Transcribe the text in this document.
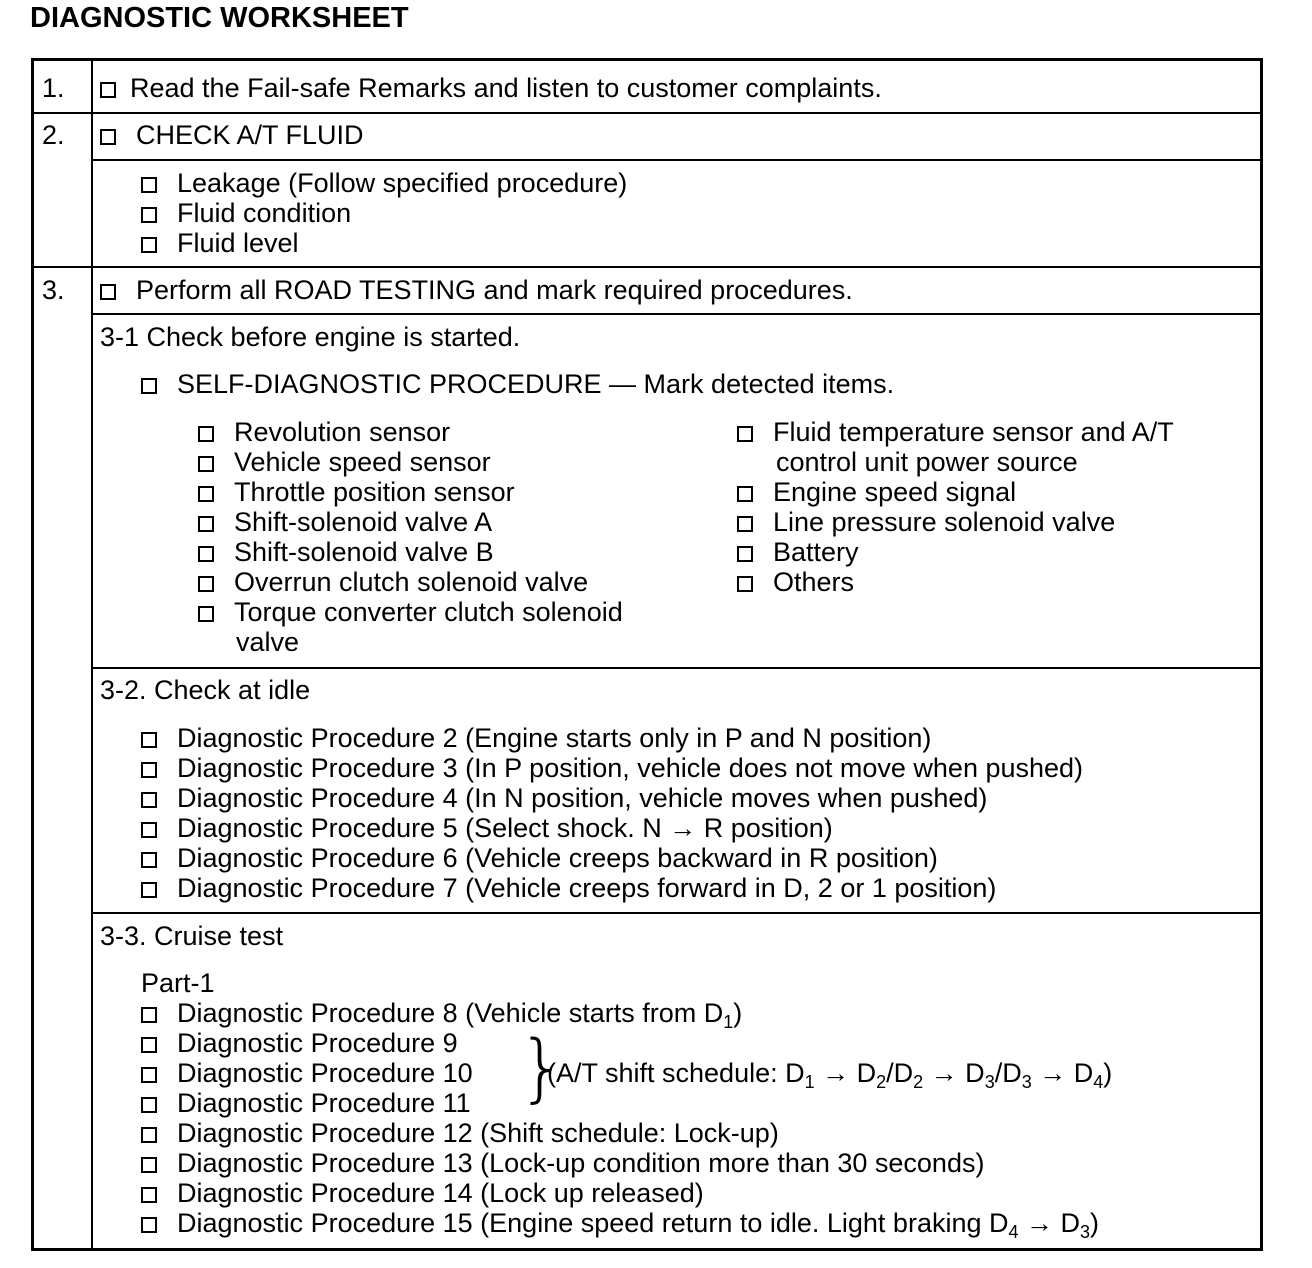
DIAGNOSTIC WORKSHEET
1.	Read the Fail-safe Remarks and listen to customer complaints.
2.	CHECK A/T FLUID
Leakage (Follow specified procedure)
Fluid condition
Fluid level
3.	Perform all ROAD TESTING and mark required procedures.
3-1 Check before engine is started.
SELF-DIAGNOSTIC PROCEDURE — Mark detected items.
Revolution sensor
Vehicle speed sensor
Throttle position sensor
Shift-solenoid valve A
Shift-solenoid valve B
Overrun clutch solenoid valve
Torque converter clutch solenoid
valve
Fluid temperature sensor and A/T
control unit power source
Engine speed signal
Line pressure solenoid valve
Battery
Others
3-2. Check at idle
Diagnostic Procedure 2 (Engine starts only in P and N position)
Diagnostic Procedure 3 (In P position, vehicle does not move when pushed)
Diagnostic Procedure 4 (In N position, vehicle moves when pushed)
Diagnostic Procedure 5 (Select shock. N → R position)
Diagnostic Procedure 6 (Vehicle creeps backward in R position)
Diagnostic Procedure 7 (Vehicle creeps forward in D, 2 or 1 position)
3-3. Cruise test
Part-1
Diagnostic Procedure 8 (Vehicle starts from $D_1$)
Diagnostic Procedure 9
Diagnostic Procedure 10
Diagnostic Procedure 11 }
(A/T shift schedule: $D_1 \to D_2/D_2 \to D_3/D_3 \to D_4$)
Diagnostic Procedure 12 (Shift schedule: Lock-up)
Diagnostic Procedure 13 (Lock-up condition more than 30 seconds)
Diagnostic Procedure 14 (Lock up released)
Diagnostic Procedure 15 (Engine speed return to idle. Light braking $D_4 \to D_3$)
